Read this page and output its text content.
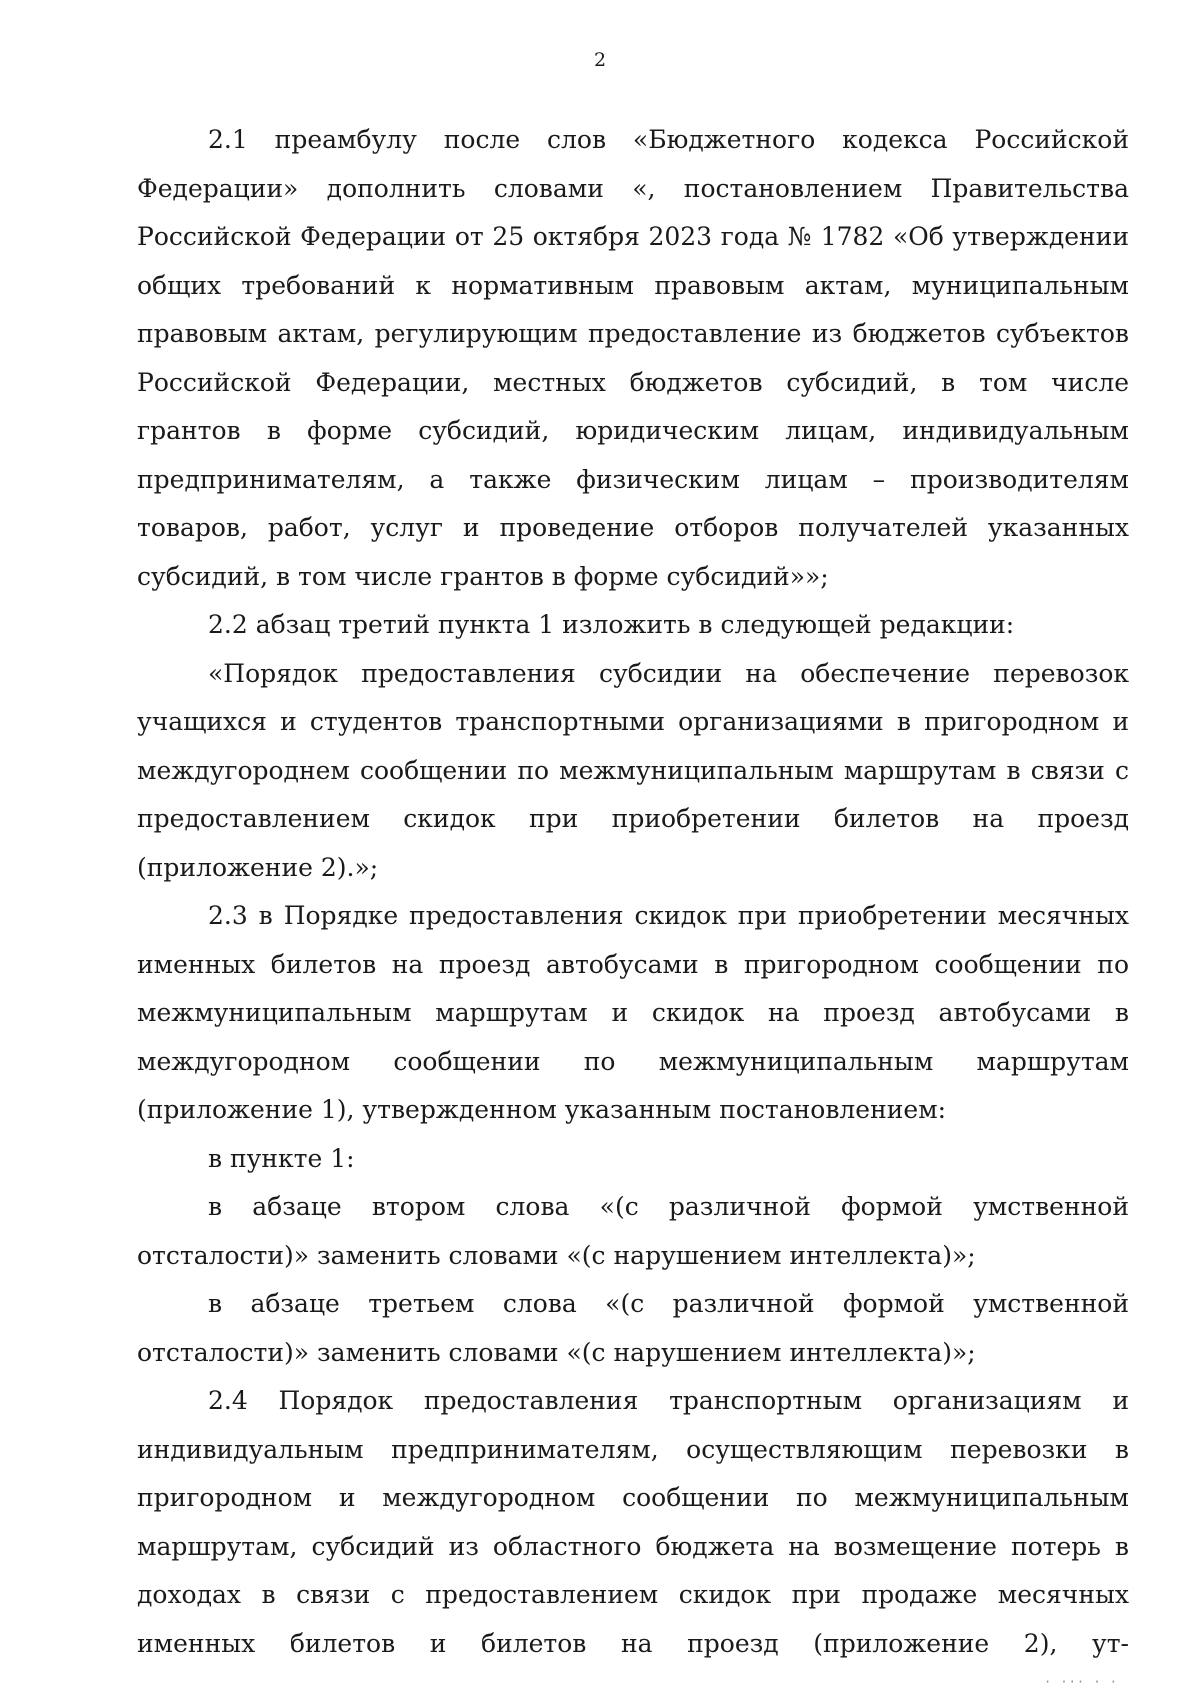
2

2.1 преамбулу после слов «Бюджетного кодекса Российской Федерации» дополнить словами «, постановлением Правительства Российской Федерации от 25 октября 2023 года № 1782 «Об утверждении общих требований к нормативным правовым актам, муниципальным правовым актам, регулирующим предоставление из бюджетов субъектов Российской Федерации, местных бюджетов субсидий, в том числе грантов в форме субсидий, юридическим лицам, индивидуальным предпринимателям, а также физическим лицам – производителям товаров, работ, услуг и проведение отборов получателей указанных субсидий, в том числе грантов в форме субсидий»»;

2.2 абзац третий пункта 1 изложить в следующей редакции:

«Порядок предоставления субсидии на обеспечение перевозок учащихся и студентов транспортными организациями в пригородном и междугороднем сообщении по межмуниципальным маршрутам в связи с предоставлением скидок при приобретении билетов на проезд (приложение 2).»;

2.3 в Порядке предоставления скидок при приобретении месячных именных билетов на проезд автобусами в пригородном сообщении по межмуниципальным маршрутам и скидок на проезд автобусами в междугородном сообщении по межмуниципальным маршрутам (приложение 1), утвержденном указанным постановлением:

в пункте 1:

в абзаце втором слова «(с различной формой умственной отсталости)» заменить словами «(с нарушением интеллекта)»;

в абзаце третьем слова «(с различной формой умственной отсталости)» заменить словами «(с нарушением интеллекта)»;

2.4 Порядок предоставления транспортным организациям и индивидуальным предпринимателям, осуществляющим перевозки в пригородном и междугородном сообщении по межмуниципальным маршрутам, субсидий из областного бюджета на возмещение потерь в доходах в связи с предоставлением скидок при продаже месячных именных билетов и билетов на проезд (приложение 2), ут-

· ··· · ·
